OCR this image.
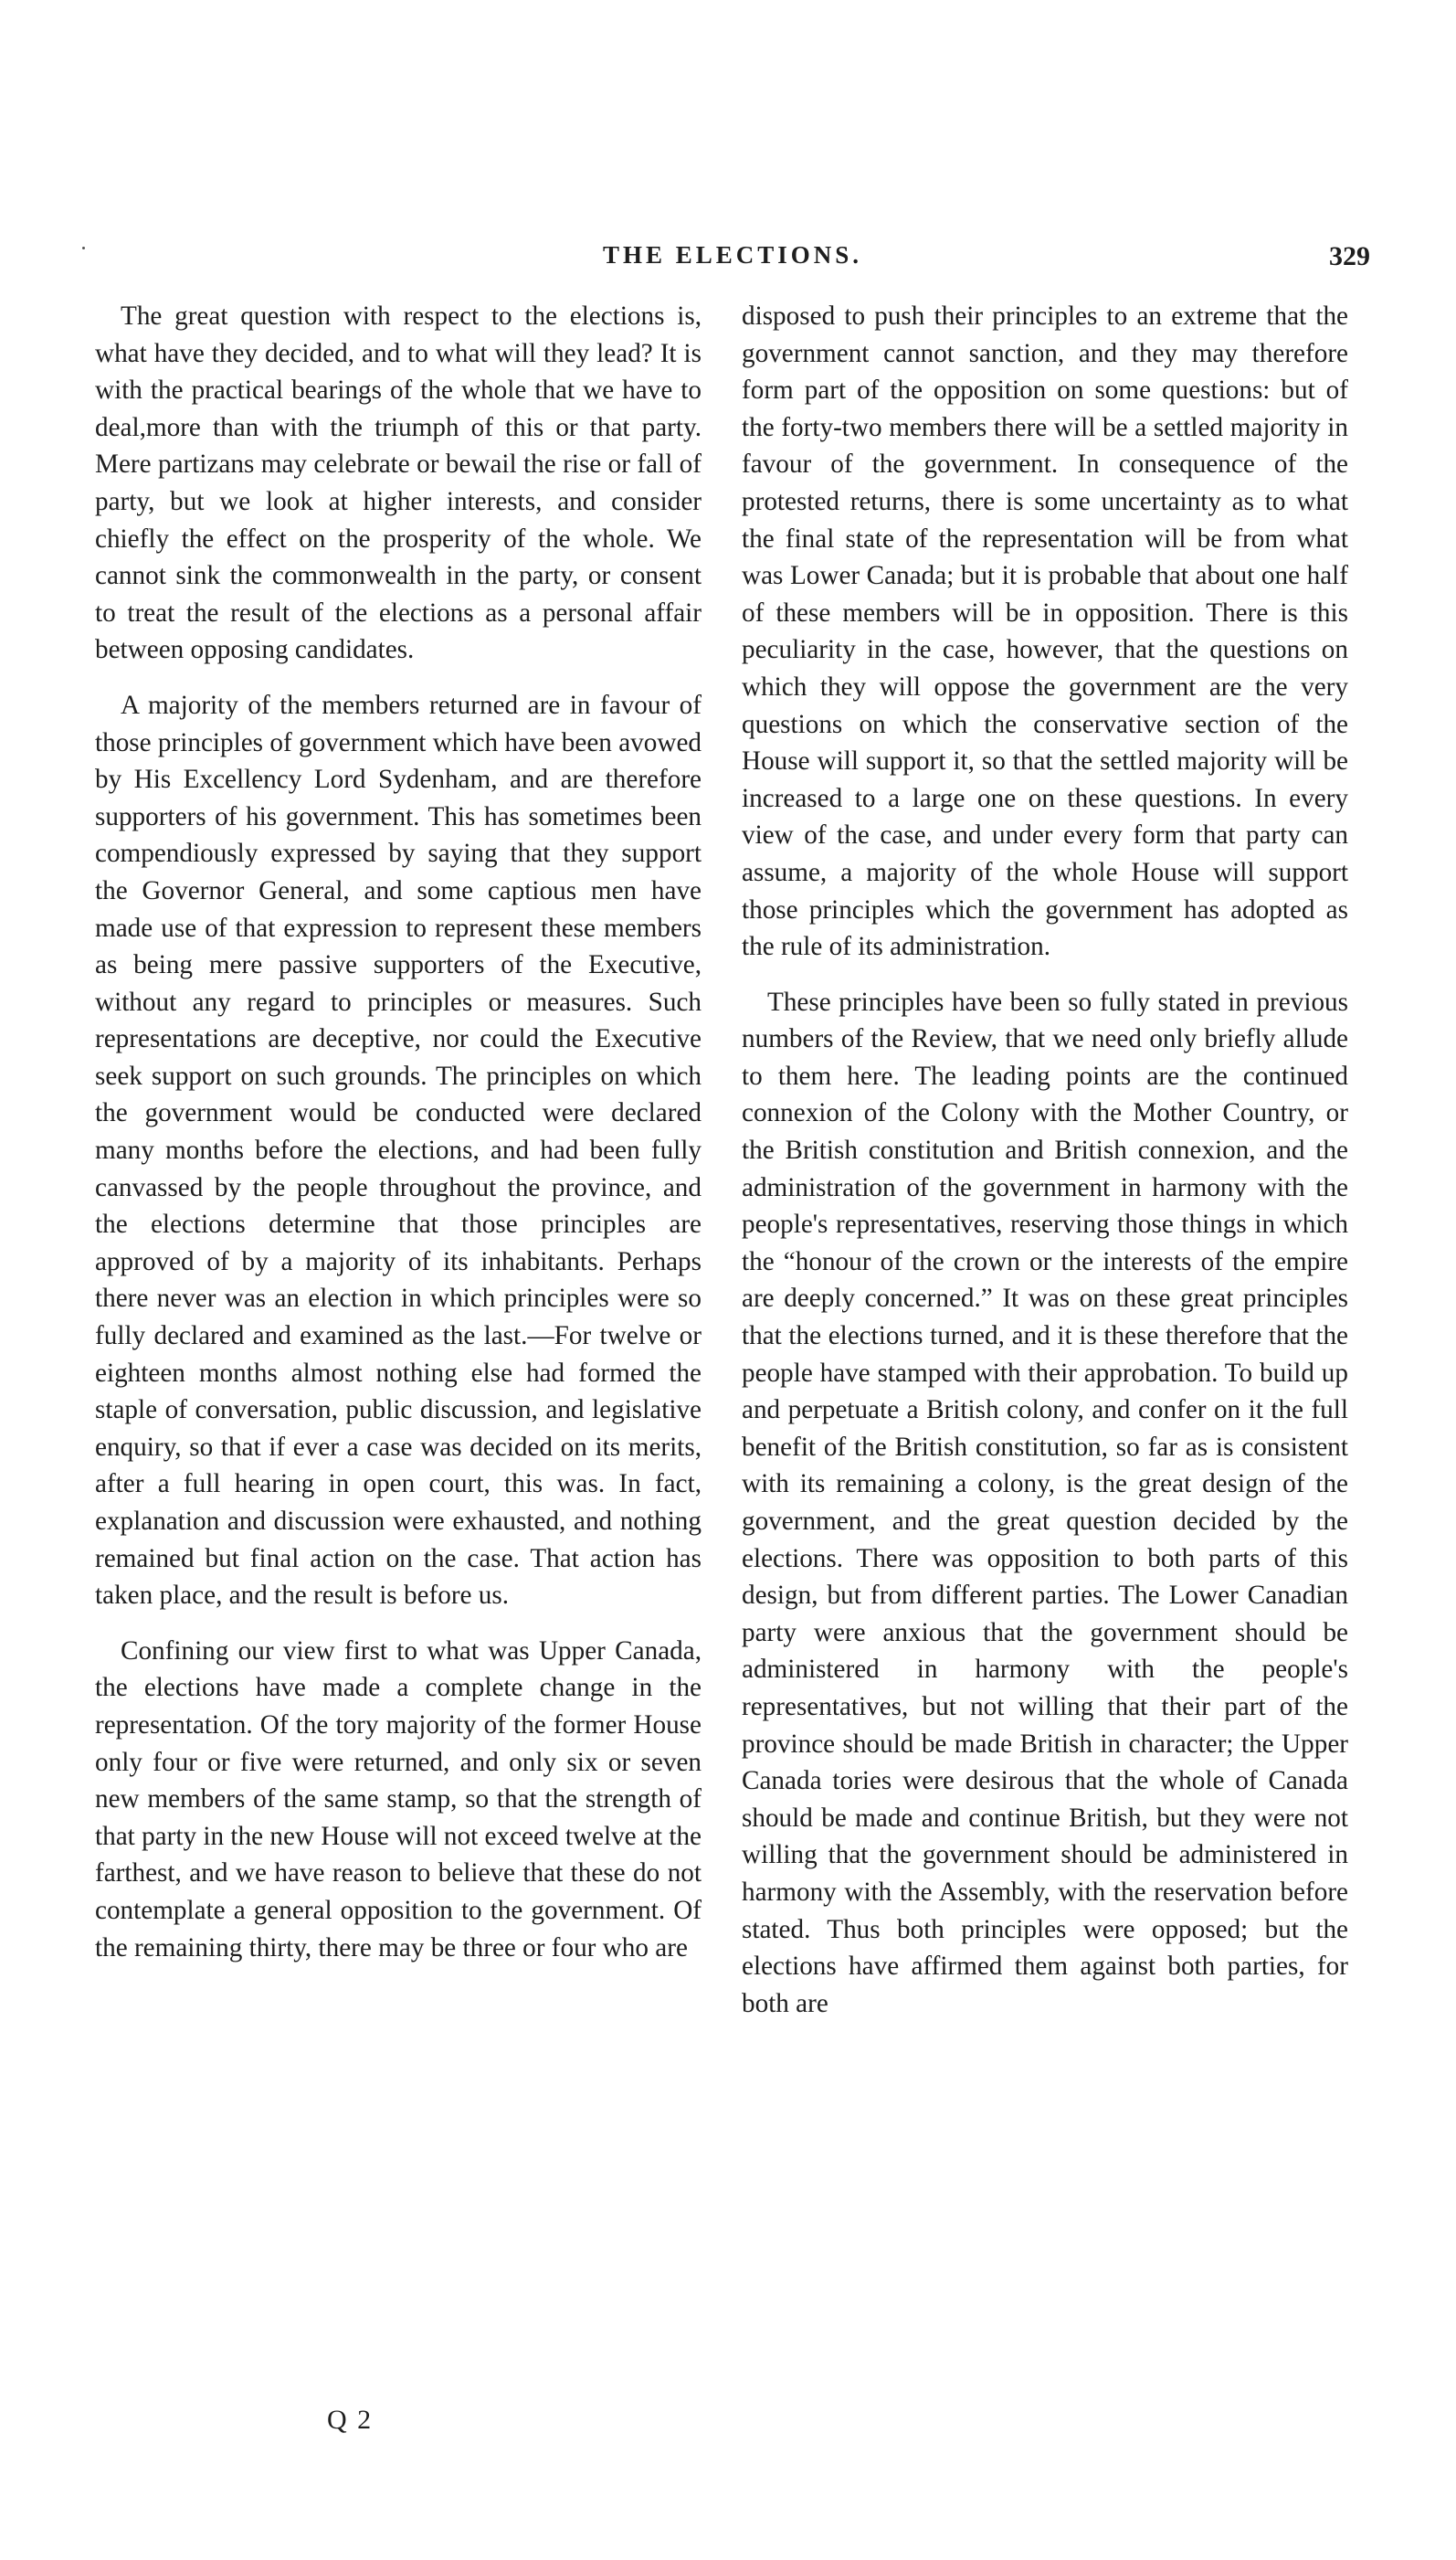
THE ELECTIONS.	329

The great question with respect to the elections is, what have they decided, and to what will they lead? It is with the practical bearings of the whole that we have to deal,more than with the triumph of this or that party. Mere partizans may celebrate or bewail the rise or fall of party, but we look at higher interests, and consider chiefly the effect on the prosperity of the whole. We cannot sink the commonwealth in the party, or consent to treat the result of the elections as a personal affair between opposing candidates.

A majority of the members returned are in favour of those principles of government which have been avowed by His Excellency Lord Sydenham, and are therefore supporters of his government. This has sometimes been compendiously expressed by saying that they support the Governor General, and some captious men have made use of that expression to represent these members as being mere passive supporters of the Executive, without any regard to principles or measures. Such representations are deceptive, nor could the Executive seek support on such grounds. The principles on which the government would be conducted were declared many months before the elections, and had been fully canvassed by the people throughout the province, and the elections determine that those principles are approved of by a majority of its inhabitants. Perhaps there never was an election in which principles were so fully declared and examined as the last.—For twelve or eighteen months almost nothing else had formed the staple of conversation, public discussion, and legislative enquiry, so that if ever a case was decided on its merits, after a full hearing in open court, this was. In fact, explanation and discussion were exhausted, and nothing remained but final action on the case. That action has taken place, and the result is before us.

Confining our view first to what was Upper Canada, the elections have made a complete change in the representation. Of the tory majority of the former House only four or five were returned, and only six or seven new members of the same stamp, so that the strength of that party in the new House will not exceed twelve at the farthest, and we have reason to believe that these do not contemplate a general opposition to the government. Of the remaining thirty, there may be three or four who are

disposed to push their principles to an extreme that the government cannot sanction, and they may therefore form part of the opposition on some questions: but of the forty-two members there will be a settled majority in favour of the government. In consequence of the protested returns, there is some uncertainty as to what the final state of the representation will be from what was Lower Canada; but it is probable that about one half of these members will be in opposition. There is this peculiarity in the case, however, that the questions on which they will oppose the government are the very questions on which the conservative section of the House will support it, so that the settled majority will be increased to a large one on these questions. In every view of the case, and under every form that party can assume, a majority of the whole House will support those principles which the government has adopted as the rule of its administration.

These principles have been so fully stated in previous numbers of the Review, that we need only briefly allude to them here. The leading points are the continued connexion of the Colony with the Mother Country, or the British constitution and British connexion, and the administration of the government in harmony with the people's representatives, reserving those things in which the “honour of the crown or the interests of the empire are deeply concerned.” It was on these great principles that the elections turned, and it is these therefore that the people have stamped with their approbation. To build up and perpetuate a British colony, and confer on it the full benefit of the British constitution, so far as is consistent with its remaining a colony, is the great design of the government, and the great question decided by the elections. There was opposition to both parts of this design, but from different parties. The Lower Canadian party were anxious that the government should be administered in harmony with the people's representatives, but not willing that their part of the province should be made British in character; the Upper Canada tories were desirous that the whole of Canada should be made and continue British, but they were not willing that the government should be administered in harmony with the Assembly, with the reservation before stated. Thus both principles were opposed; but the elections have affirmed them against both parties, for both are

Q 2
